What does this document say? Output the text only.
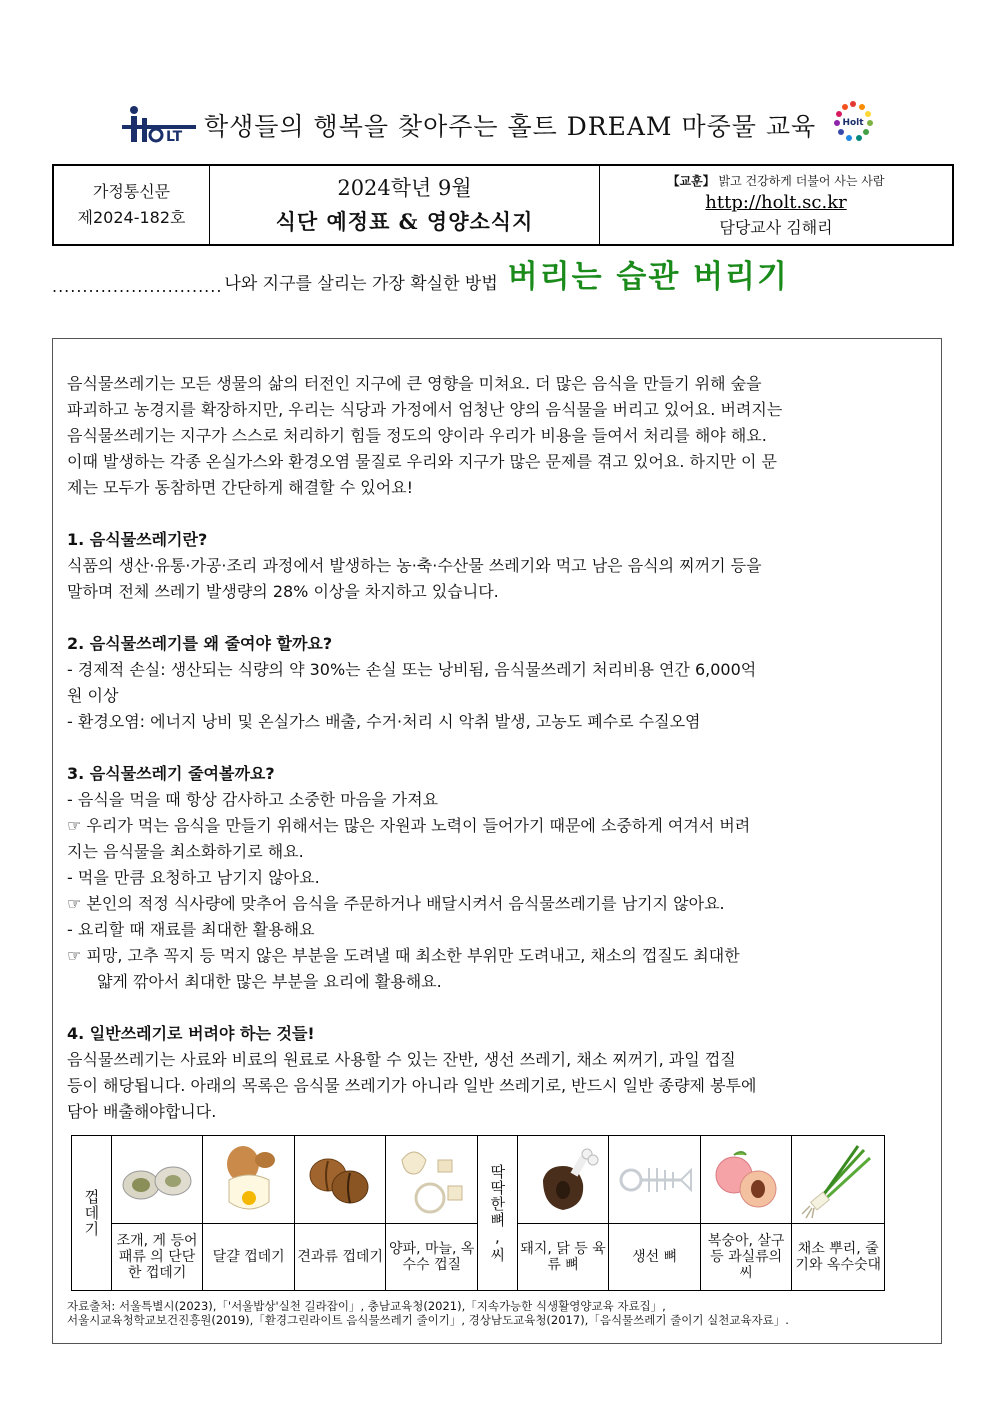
LT 학생들의 행복을 찾아주는 홀트 DREAM 마중물 교육	Holt
가정통신문
제2024-182호
2024학년 9월
식단 예정표 & 영양소식지
【교훈】 밝고 건강하게 더불어 사는 사람
http://holt.sc.kr
담당교사 김해리
............................ 나와 지구를 살리는 가장 확실한 방법 버리는 습관 버리기
음식물쓰레기는 모든 생물의 삶의 터전인 지구에 큰 영향을 미쳐요. 더 많은 음식을 만들기 위해 숲을
파괴하고 농경지를 확장하지만, 우리는 식당과 가정에서 엄청난 양의 음식물을 버리고 있어요. 버려지는
음식물쓰레기는 지구가 스스로 처리하기 힘들 정도의 양이라 우리가 비용을 들여서 처리를 해야 해요.
이때 발생하는 각종 온실가스와 환경오염 물질로 우리와 지구가 많은 문제를 겪고 있어요. 하지만 이 문
제는 모두가 동참하면 간단하게 해결할 수 있어요!
1. 음식물쓰레기란?
식품의 생산·유통·가공·조리 과정에서 발생하는 농·축·수산물 쓰레기와 먹고 남은 음식의 찌꺼기 등을
말하며 전체 쓰레기 발생량의 28% 이상을 차지하고 있습니다.
2. 음식물쓰레기를 왜 줄여야 할까요?
- 경제적 손실: 생산되는 식량의 약 30%는 손실 또는 낭비됨, 음식물쓰레기 처리비용 연간 6,000억
원 이상
- 환경오염: 에너지 낭비 및 온실가스 배출, 수거·처리 시 악취 발생, 고농도 폐수로 수질오염
3. 음식물쓰레기 줄여볼까요?
- 음식을 먹을 때 항상 감사하고 소중한 마음을 가져요
☞ 우리가 먹는 음식을 만들기 위해서는 많은 자원과 노력이 들어가기 때문에 소중하게 여겨서 버려
지는 음식물을 최소화하기로 해요.
- 먹을 만큼 요청하고 남기지 않아요.
☞ 본인의 적정 식사량에 맞추어 음식을 주문하거나 배달시켜서 음식물쓰레기를 남기지 않아요.
- 요리할 때 재료를 최대한 활용해요
☞ 피망, 고추 꼭지 등 먹지 않은 부분을 도려낼 때 최소한 부위만 도려내고, 채소의 껍질도 최대한
얇게 깎아서 최대한 많은 부분을 요리에 활용해요.
4. 일반쓰레기로 버려야 하는 것들!
음식물쓰레기는 사료와 비료의 원료로 사용할 수 있는 잔반, 생선 쓰레기, 채소 찌꺼기, 과일 껍질
등이 해당됩니다. 아래의 목록은 음식물 쓰레기가 아니라 일반 쓰레기로, 반드시 일반 종량제 봉투에
담아 배출해야합니다.
껍데기
조개, 게 등어패류 의 단단한 껍데기
달걀 껍데기 견과류 껍데기 양파, 마늘, 옥수수 껍질
딱딱한뼈,씨 돼지, 닭 등 육류 뼈	생선 뼈
복숭아, 살구 등 과실류의 씨
채소 뿌리, 줄기와 옥수숫대
자료출처: 서울특별시(2023),「'서울밥상'실천 길라잡이」, 충남교육청(2021),「지속가능한 식생활영양교육 자료집」,
서울시교육청학교보건진흥원(2019),「환경그린라이트 음식물쓰레기 줄이기」, 경상남도교육청(2017),「음식물쓰레기 줄이기 실천교육자료」.
